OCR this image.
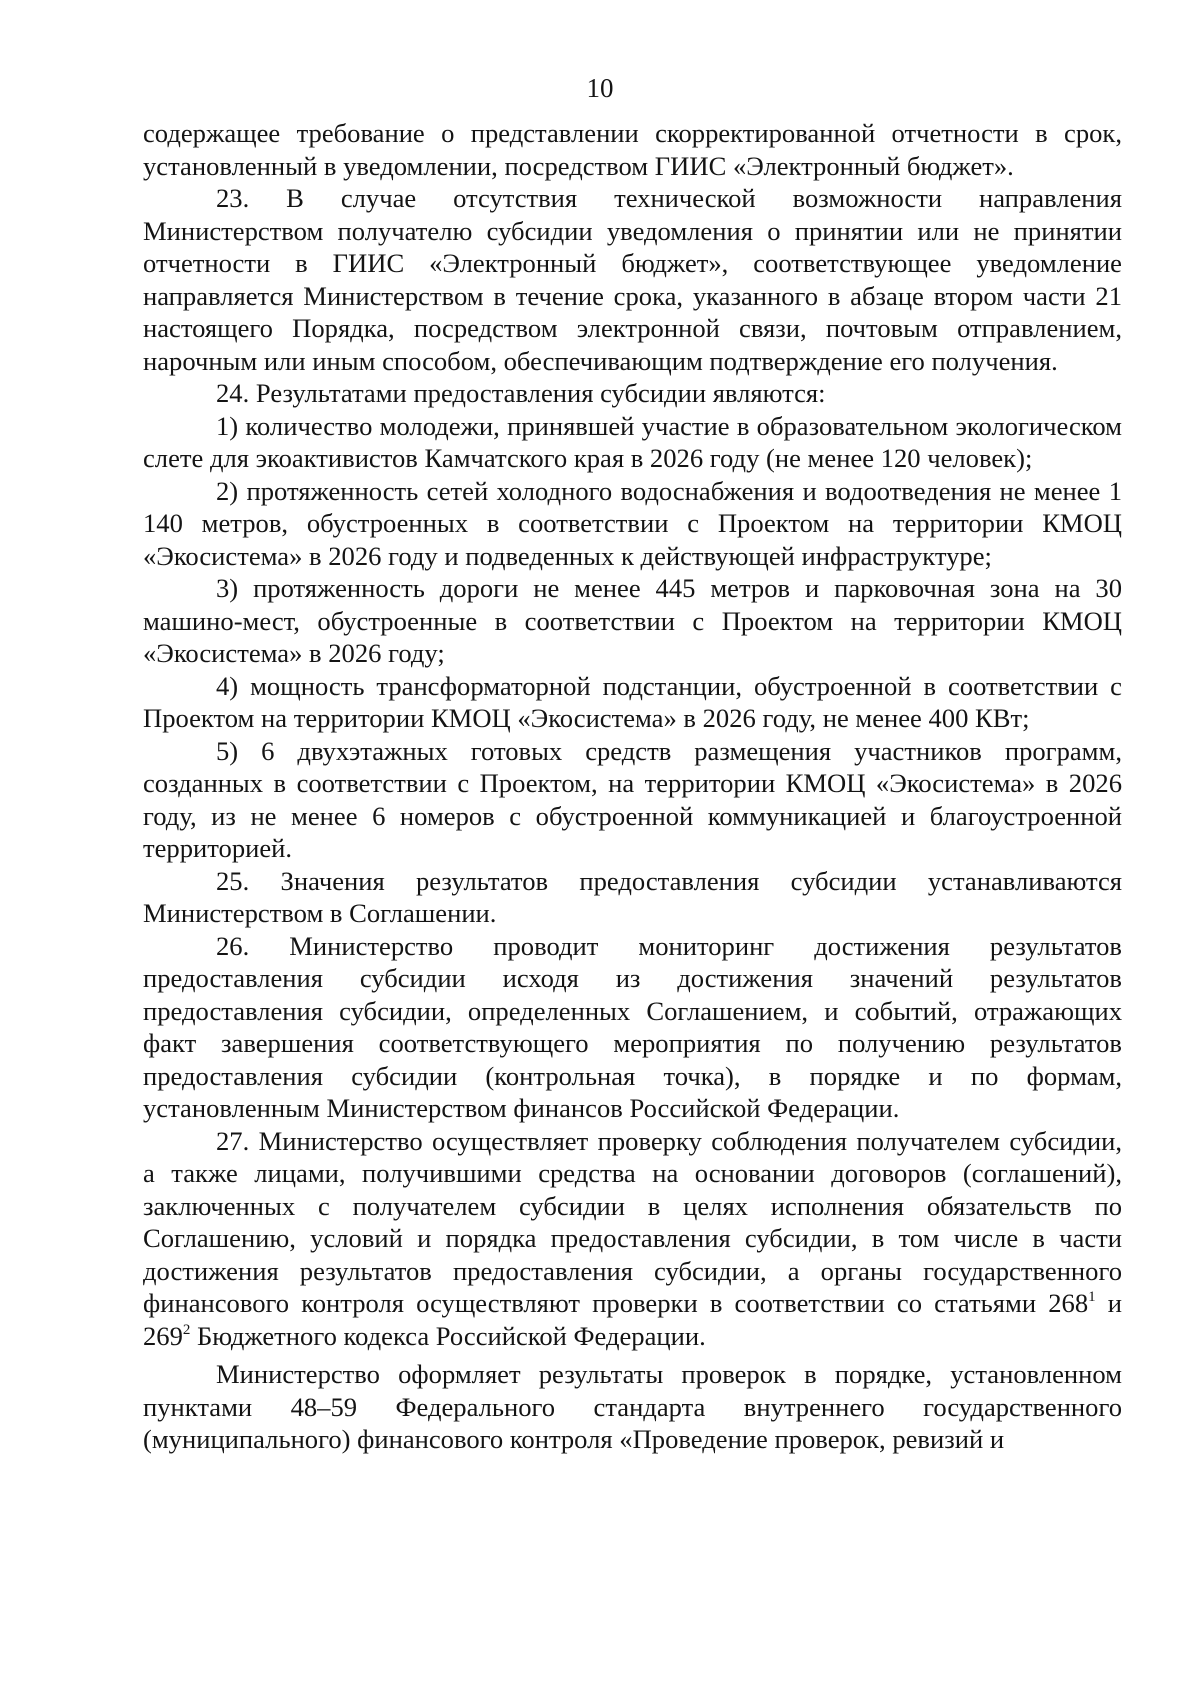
10

содержащее требование о представлении скорректированной отчетности в срок, установленный в уведомлении, посредством ГИИС «Электронный бюджет».

23. В случае отсутствия технической возможности направления Министерством получателю субсидии уведомления о принятии или не принятии отчетности в ГИИС «Электронный бюджет», соответствующее уведомление направляется Министерством в течение срока, указанного в абзаце втором части 21 настоящего Порядка, посредством электронной связи, почтовым отправлением, нарочным или иным способом, обеспечивающим подтверждение его получения.

24. Результатами предоставления субсидии являются:

1) количество молодежи, принявшей участие в образовательном экологическом слете для экоактивистов Камчатского края в 2026 году (не менее 120 человек);

2) протяженность сетей холодного водоснабжения и водоотведения не менее 1 140 метров, обустроенных в соответствии с Проектом на территории КМОЦ «Экосистема» в 2026 году и подведенных к действующей инфраструктуре;

3) протяженность дороги не менее 445 метров и парковочная зона на 30 машино-мест, обустроенные в соответствии с Проектом на территории КМОЦ «Экосистема» в 2026 году;

4) мощность трансформаторной подстанции, обустроенной в соответствии с Проектом на территории КМОЦ «Экосистема» в 2026 году, не менее 400 КВт;

5) 6 двухэтажных готовых средств размещения участников программ, созданных в соответствии с Проектом, на территории КМОЦ «Экосистема» в 2026 году, из не менее 6 номеров с обустроенной коммуникацией и благоустроенной территорией.

25. Значения результатов предоставления субсидии устанавливаются Министерством в Соглашении.

26. Министерство проводит мониторинг достижения результатов предоставления субсидии исходя из достижения значений результатов предоставления субсидии, определенных Соглашением, и событий, отражающих факт завершения соответствующего мероприятия по получению результатов предоставления субсидии (контрольная точка), в порядке и по формам, установленным Министерством финансов Российской Федерации.

27. Министерство осуществляет проверку соблюдения получателем субсидии, а также лицами, получившими средства на основании договоров (соглашений), заключенных с получателем субсидии в целях исполнения обязательств по Соглашению, условий и порядка предоставления субсидии, в том числе в части достижения результатов предоставления субсидии, а органы государственного финансового контроля осуществляют проверки в соответствии со статьями $268^1$ и $269^2$ Бюджетного кодекса Российской Федерации.

Министерство оформляет результаты проверок в порядке, установленном пунктами 48–59 Федерального стандарта внутреннего государственного (муниципального) финансового контроля «Проведение проверок, ревизий и
